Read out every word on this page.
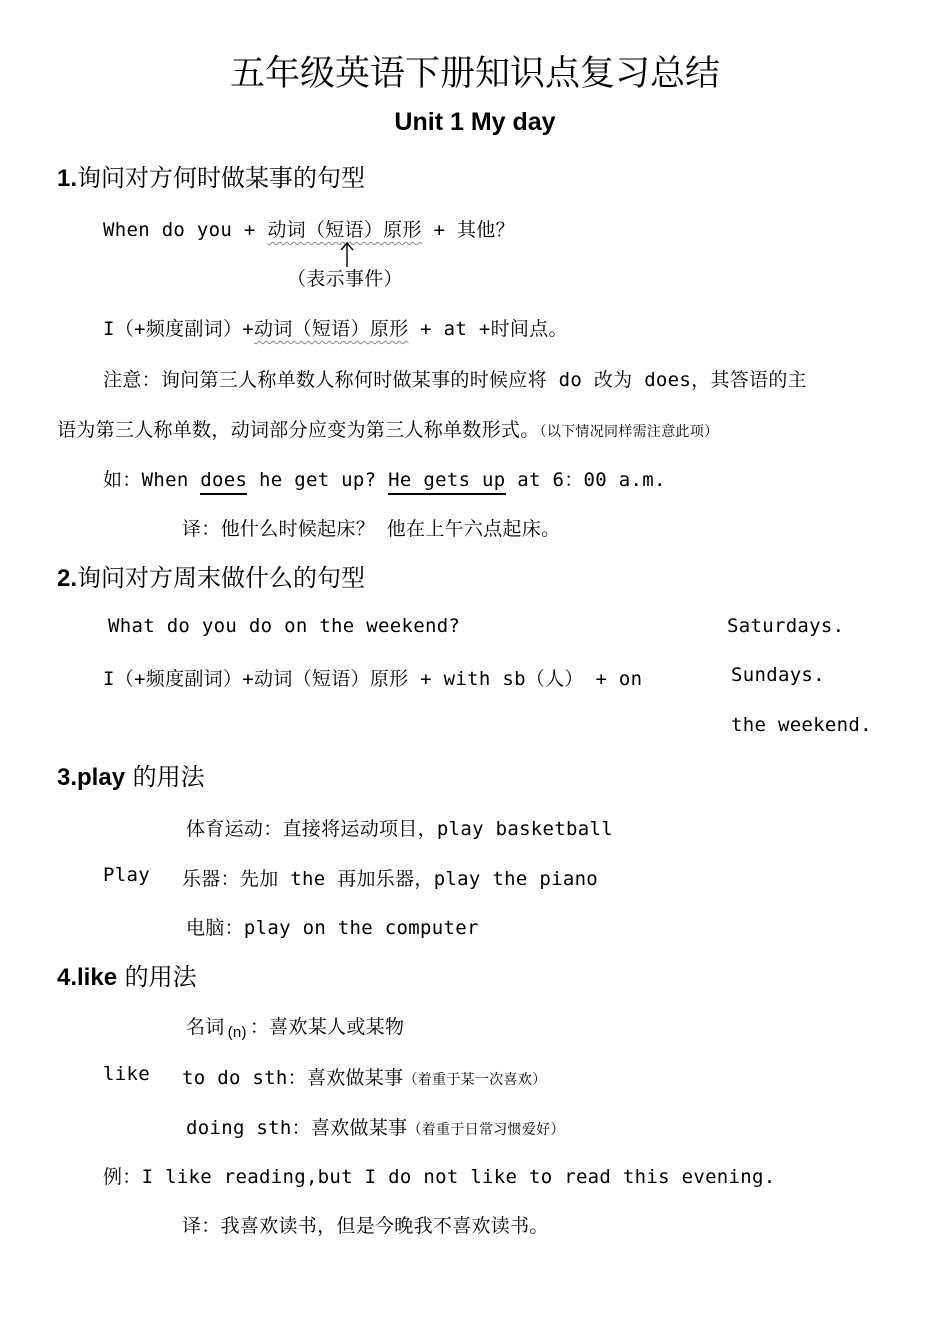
五年级英语下册知识点复习总结
Unit 1 My day
1.询问对方何时做某事的句型
When do you + 动词（短语）原形 + 其他？
（表示事件）
I（+频度副词）+动词（短语）原形 + at +时间点。
注意：询问第三人称单数人称何时做某事的时候应将 do 改为 does，其答语的主
语为第三人称单数，动词部分应变为第三人称单数形式。（以下情况同样需注意此项）
如：When does he get up? He gets up at 6：00 a.m.
译：他什么时候起床？ 他在上午六点起床。
2.询问对方周末做什么的句型
What do you do on the weekend?	Saturdays.
I（+频度副词）+动词（短语）原形 + with sb（人） + on	Sundays.
the weekend.
3.play 的用法
体育运动：直接将运动项目，play basketball
Play 乐器：先加 the 再加乐器，play the piano
电脑：play on the computer
4.like 的用法
名词 $_{(n)}$ ：喜欢某人或某物
like to do sth：喜欢做某事（着重于某一次喜欢）
doing sth：喜欢做某事（着重于日常习惯爱好）
例：I like reading,but I do not like to read this evening.
译：我喜欢读书，但是今晚我不喜欢读书。
